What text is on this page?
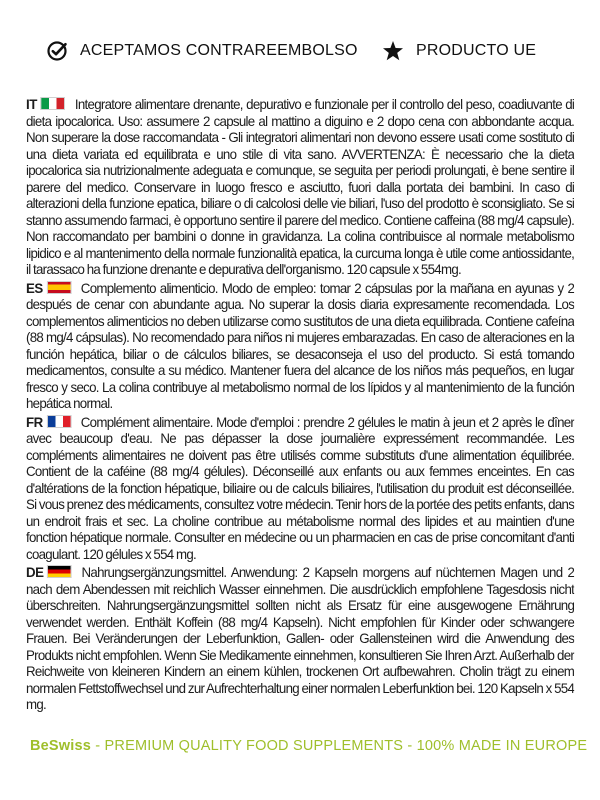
ACEPTAMOS CONTRAREEMBOLSO	PRODUCTO UE
IT	Integratore alimentare drenante, depurativo e funzionale per il controllo del peso, coadiuvante di dieta ipocalorica. Uso: assumere 2 capsule al mattino a diguino e 2 dopo cena con abbondante acqua. Non superare la dose raccomandata - Gli integratori alimentari non devono essere usati come sostituto di una dieta variata ed equilibrata e uno stile di vita sano. AVVERTENZA: È necessario che la dieta ipocalorica sia nutrizionalmente adeguata e comunque, se seguita per periodi prolungati, è bene sentire il parere del medico. Conservare in luogo fresco e asciutto, fuori dalla portata dei bambini. In caso di alterazioni della funzione epatica, biliare o di calcolosi delle vie biliari, l'uso del prodotto è sconsigliato. Se si stanno assumendo farmaci, è opportuno sentire il parere del medico. Contiene caffeina (88 mg/4 capsule). Non raccomandato per bambini o donne in gravidanza. La colina contribuisce al normale metabolismo lipidico e al mantenimento della normale funzionalità epatica, la curcuma longa è utile come antiossidante, il tarassaco ha funzione drenante e depurativa dell'organismo. 120 capsule x 554mg.
ES	Complemento alimenticio. Modo de empleo: tomar 2 cápsulas por la mañana en ayunas y 2 después de cenar con abundante agua. No superar la dosis diaria expresamente recomendada. Los complementos alimenticios no deben utilizarse como sustitutos de una dieta equilibrada. Contiene cafeína (88 mg/4 cápsulas). No recomendado para niños ni mujeres embarazadas. En caso de alteraciones en la función hepática, biliar o de cálculos biliares, se desaconseja el uso del producto. Si está tomando medicamentos, consulte a su médico. Mantener fuera del alcance de los niños más pequeños, en lugar fresco y seco. La colina contribuye al metabolismo normal de los lípidos y al mantenimiento de la función hepática normal.
FR	Complément alimentaire. Mode d'emploi : prendre 2 gélules le matin à jeun et 2 après le dîner avec beaucoup d'eau. Ne pas dépasser la dose journalière expressément recommandée. Les compléments alimentaires ne doivent pas être utilisés comme substituts d'une alimentation équilibrée. Contient de la caféine (88 mg/4 gélules). Déconseillé aux enfants ou aux femmes enceintes. En cas d'altérations de la fonction hépatique, biliaire ou de calculs biliaires, l'utilisation du produit est déconseillée. Si vous prenez des médicaments, consultez votre médecin. Tenir hors de la portée des petits enfants, dans un endroit frais et sec. La choline contribue au métabolisme normal des lipides et au maintien d'une fonction hépatique normale. Consulter en médecine ou un pharmacien en cas de prise concomitant d'anti coagulant. 120 gélules x 554 mg.
DE	Nahrungsergänzungsmittel. Anwendung: 2 Kapseln morgens auf nüchternen Magen und 2 nach dem Abendessen mit reichlich Wasser einnehmen. Die ausdrücklich empfohlene Tagesdosis nicht überschreiten. Nahrungsergänzungsmittel sollten nicht als Ersatz für eine ausgewogene Ernährung verwendet werden. Enthält Koffein (88 mg/4 Kapseln). Nicht empfohlen für Kinder oder schwangere Frauen. Bei Veränderungen der Leberfunktion, Gallen- oder Gallensteinen wird die Anwendung des Produkts nicht empfohlen. Wenn Sie Medikamente einnehmen, konsultieren Sie Ihren Arzt. Außerhalb der Reichweite von kleineren Kindern an einem kühlen, trockenen Ort aufbewahren. Cholin trägt zu einem normalen Fettstoffwechsel und zur Aufrechterhaltung einer normalen Leberfunktion bei. 120 Kapseln x 554 mg.
BeSwiss - PREMIUM QUALITY FOOD SUPPLEMENTS - 100% MADE IN EUROPE
